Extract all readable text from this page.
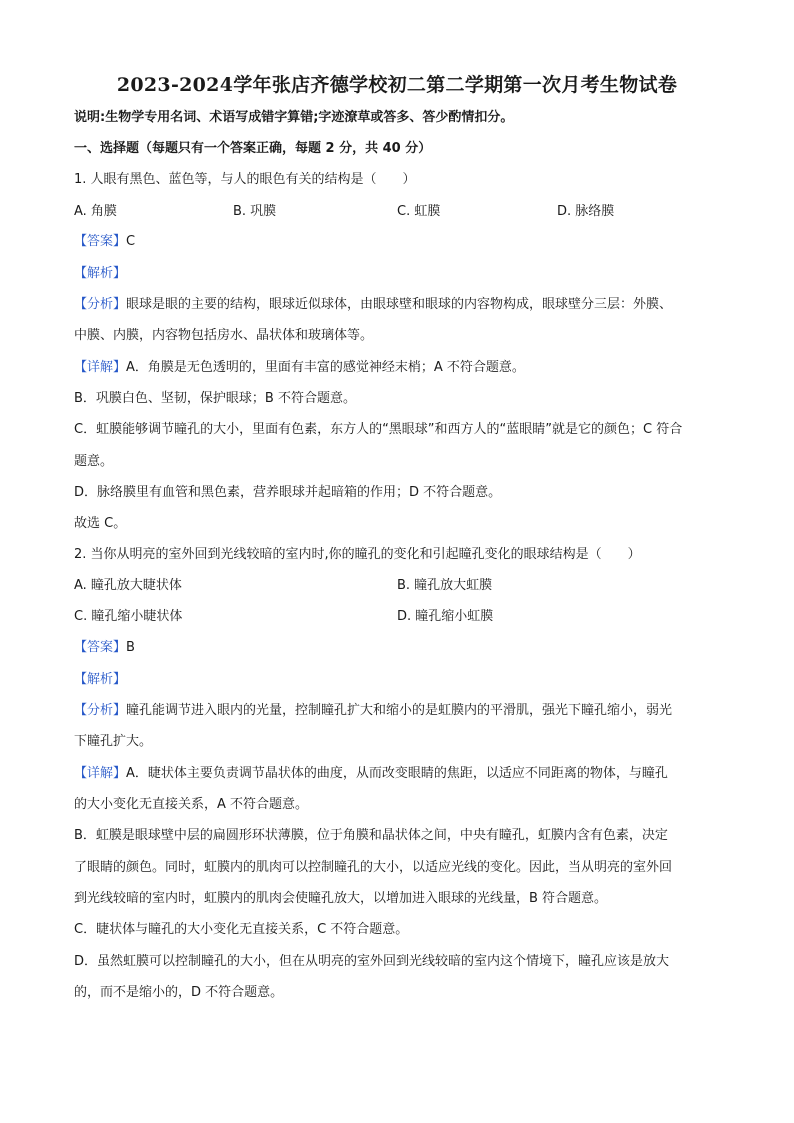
2023-2024学年张店齐德学校初二第二学期第一次月考生物试卷
说明:生物学专用名词、术语写成错字算错;字迹潦草或答多、答少酌情扣分。
一、选择题（每题只有一个答案正确，每题 2 分，共 40 分）
1. 人眼有黑色、蓝色等，与人的眼色有关的结构是（　　）
A. 角膜	B. 巩膜	C. 虹膜	D. 脉络膜
【答案】C
【解析】
【分析】眼球是眼的主要的结构，眼球近似球体，由眼球壁和眼球的内容物构成，眼球壁分三层：外膜、
中膜、内膜，内容物包括房水、晶状体和玻璃体等。
【详解】A．角膜是无色透明的，里面有丰富的感觉神经末梢；A 不符合题意。
B．巩膜白色、坚韧，保护眼球；B 不符合题意。
C．虹膜能够调节瞳孔的大小，里面有色素，东方人的“黑眼球”和西方人的“蓝眼睛”就是它的颜色；C 符合
题意。
D．脉络膜里有血管和黑色素，营养眼球并起暗箱的作用；D 不符合题意。
故选 C。
2. 当你从明亮的室外回到光线较暗的室内时,你的瞳孔的变化和引起瞳孔变化的眼球结构是（　　）
A. 瞳孔放大睫状体	B. 瞳孔放大虹膜
C. 瞳孔缩小睫状体	D. 瞳孔缩小虹膜
【答案】B
【解析】
【分析】瞳孔能调节进入眼内的光量，控制瞳孔扩大和缩小的是虹膜内的平滑肌，强光下瞳孔缩小，弱光
下瞳孔扩大。
【详解】A．睫状体主要负责调节晶状体的曲度，从而改变眼睛的焦距，以适应不同距离的物体，与瞳孔
的大小变化无直接关系，A 不符合题意。
B．虹膜是眼球壁中层的扁圆形环状薄膜，位于角膜和晶状体之间，中央有瞳孔，虹膜内含有色素，决定
了眼睛的颜色。同时，虹膜内的肌肉可以控制瞳孔的大小，以适应光线的变化。因此，当从明亮的室外回
到光线较暗的室内时，虹膜内的肌肉会使瞳孔放大，以增加进入眼球的光线量，B 符合题意。
C．睫状体与瞳孔的大小变化无直接关系，C 不符合题意。
D．虽然虹膜可以控制瞳孔的大小，但在从明亮的室外回到光线较暗的室内这个情境下，瞳孔应该是放大
的，而不是缩小的，D 不符合题意。
